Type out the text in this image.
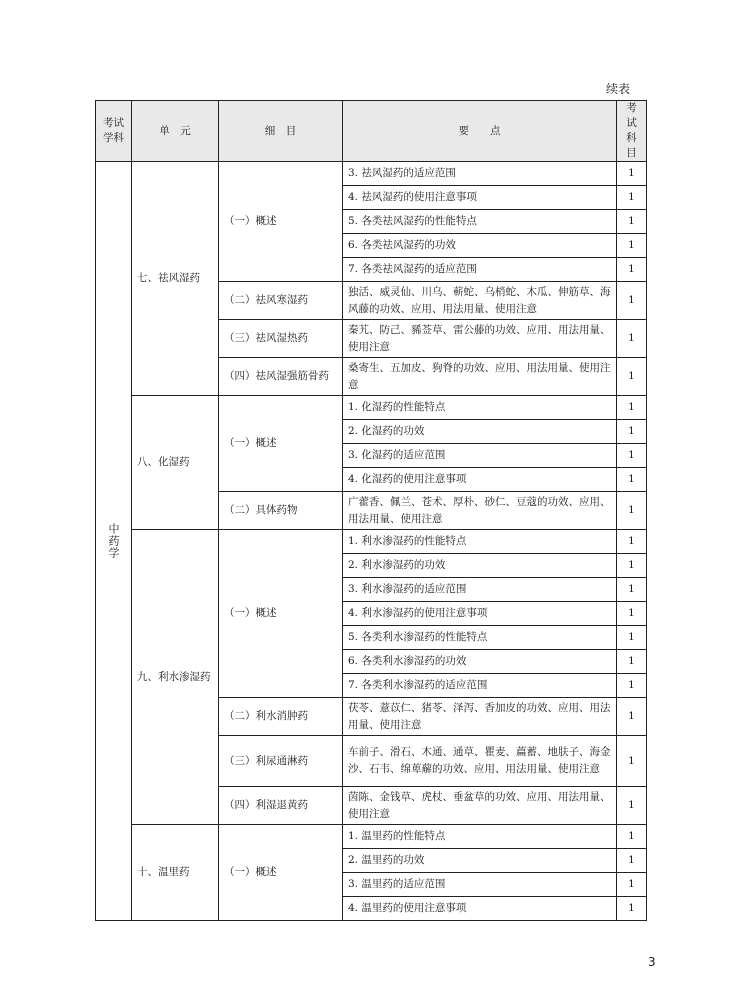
续表
考试学科	单　元	细　目	要　　点	考试科目
中药学	七、祛风湿药	（一）概述	3. 祛风湿药的适应范围	1
			4. 祛风湿药的使用注意事项	1
			5. 各类祛风湿药的性能特点	1
			6. 各类祛风湿药的功效	1
			7. 各类祛风湿药的适应范围	1
		（二）祛风寒湿药	独活、威灵仙、川乌、蕲蛇、乌梢蛇、木瓜、伸筋草、海风藤的功效、应用、用法用量、使用注意	1
		（三）祛风湿热药	秦艽、防己、豨莶草、雷公藤的功效、应用、用法用量、使用注意	1
		（四）祛风湿强筋骨药	桑寄生、五加皮、狗脊的功效、应用、用法用量、使用注意	1
	八、化湿药	（一）概述	1. 化湿药的性能特点	1
			2. 化湿药的功效	1
			3. 化湿药的适应范围	1
			4. 化湿药的使用注意事项	1
		（二）具体药物	广藿香、佩兰、苍术、厚朴、砂仁、豆蔻的功效、应用、用法用量、使用注意	1
	九、利水渗湿药	（一）概述	1. 利水渗湿药的性能特点	1
			2. 利水渗湿药的功效	1
			3. 利水渗湿药的适应范围	1
			4. 利水渗湿药的使用注意事项	1
			5. 各类利水渗湿药的性能特点	1
			6. 各类利水渗湿药的功效	1
			7. 各类利水渗湿药的适应范围	1
		（二）利水消肿药	茯苓、薏苡仁、猪苓、泽泻、香加皮的功效、应用、用法用量、使用注意	1
		（三）利尿通淋药	车前子、滑石、木通、通草、瞿麦、萹蓄、地肤子、海金沙、石韦、绵萆薢的功效、应用、用法用量、使用注意	1
		（四）利湿退黄药	茵陈、金钱草、虎杖、垂盆草的功效、应用、用法用量、使用注意	1
	十、温里药	（一）概述	1. 温里药的性能特点	1
			2. 温里药的功效	1
			3. 温里药的适应范围	1
			4. 温里药的使用注意事项	1
3
